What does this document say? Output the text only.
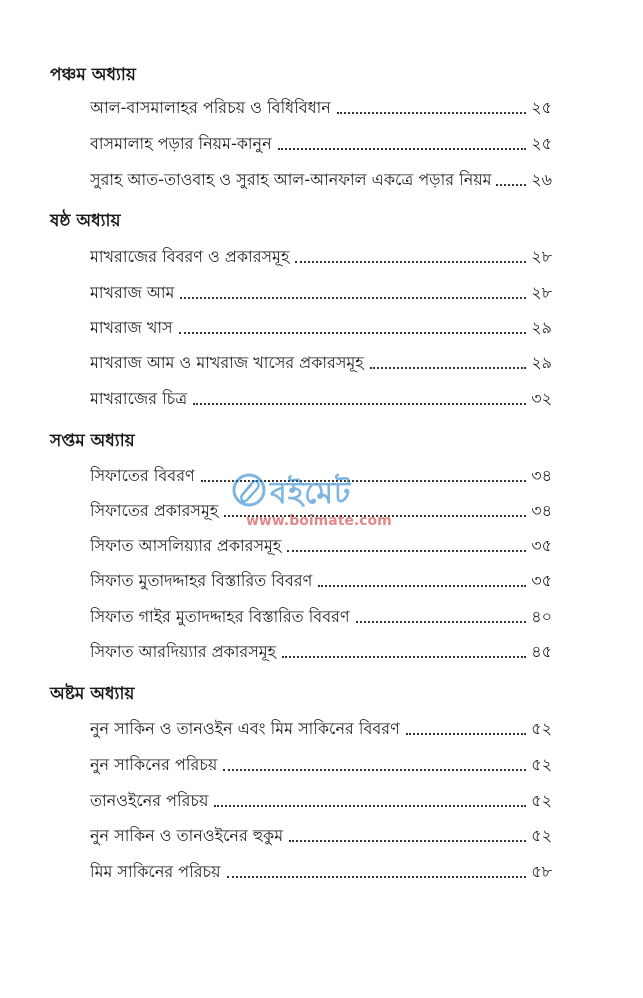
পঞ্চম অধ্যায়
আল-বাসমালাহর পরিচয় ও বিধিবিধান	২৫
বাসমালাহ পড়ার নিয়ম-কানুন	২৫
সুরাহ আত-তাওবাহ ও সুরাহ আল-আনফাল একত্রে পড়ার নিয়ম	২৬
ষষ্ঠ অধ্যায়
মাখরাজের বিবরণ ও প্রকারসমূহ	২৮
মাখরাজ আম	২৮
মাখরাজ খাস	২৯
মাখরাজ আম ও মাখরাজ খাসের প্রকারসমূহ	২৯
মাখরাজের চিত্র	৩২
সপ্তম অধ্যায়
সিফাতের বিবরণ	৩৪
সিফাতের প্রকারসমূহ	৩৪
সিফাত আসলিয়্যার প্রকারসমূহ	৩৫
সিফাত মুতাদদ্দাহর বিস্তারিত বিবরণ	৩৫
সিফাত গাইর মুতাদদ্দাহর বিস্তারিত বিবরণ	৪০
সিফাত আরদিয়্যার প্রকারসমূহ	৪৫
অষ্টম অধ্যায়
নুন সাকিন ও তানওইন এবং মিম সাকিনের বিবরণ	৫২
নুন সাকিনের পরিচয়	৫২
তানওইনের পরিচয়	৫২
নুন সাকিন ও তানওইনের হুকুম	৫২
মিম সাকিনের পরিচয়	৫৮
বইমেট
www.boimate.com
